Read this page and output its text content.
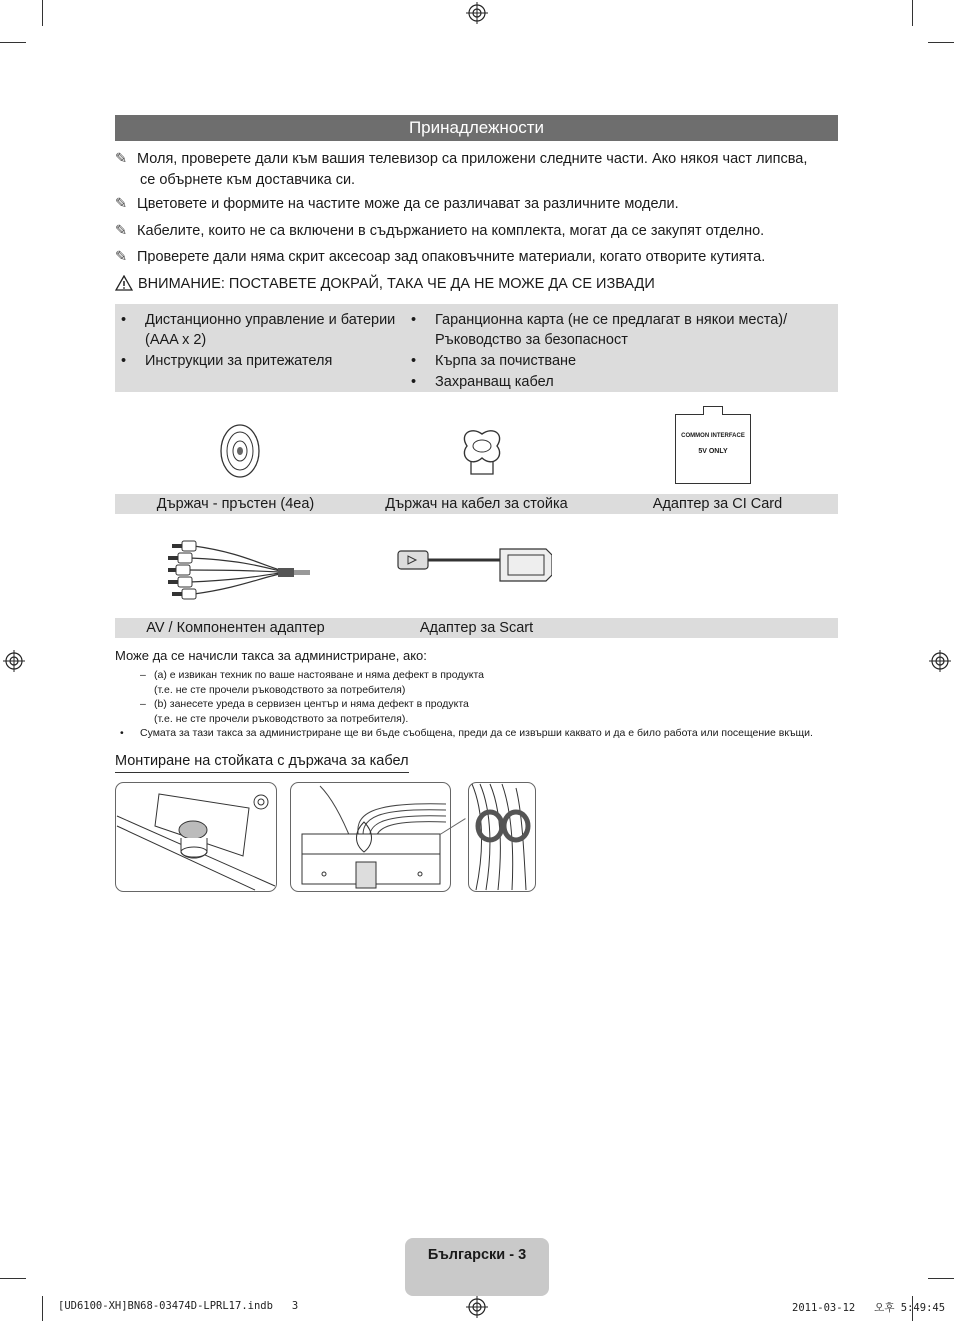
Принадлежности
✎ Моля, проверете дали към вашия телевизор са приложени следните части. Ако някоя част липсва,
се обърнете към доставчика си.
✎ Цветовете и формите на частите може да се различават за различните модели.
✎ Кабелите, които не са включени в съдържанието на комплекта, могат да се закупят отделно.
✎ Проверете дали няма скрит аксесоар зад опаковъчните материали, когато отворите кутията.
ВНИМАНИЕ: ПОСТАВЕТЕ ДОКРАЙ, ТАКА ЧЕ ДА НЕ МОЖЕ ДА СЕ ИЗВАДИ
• Дистанционно управление и батерии
(AAA x 2)
• Инструкции за притежателя
• Гаранционна карта (не се предлагат в някои места)/
Ръководство за безопасност
• Кърпа за почистване
• Захранващ кабел
COMMON INTERFACE
5V ONLY
Държач - пръстен (4еа)	Държач на кабел за стойка	Адаптер за CI Card
AV / Компонентен адаптер	Адаптер за Scart
Може да се начисли такса за администриране, ако:
– (a) е извикан техник по ваше настояване и няма дефект в продукта

(т.е. не сте прочели ръководството за потребителя)
– (b) занесете уреда в сервизен център и няма дефект в продукта

(т.е. не сте прочели ръководството за потребителя).
• Сумата за тази такса за администриране ще ви бъде съобщена, преди да се извърши каквато и да е било работа или посещение вкъщи.
Монтиране на стойката с държача за кабел
Български - 3
[UD6100-XH]BN68-03474D-LPRL17.indb   3	2011-03-12   오후 5:49:45
